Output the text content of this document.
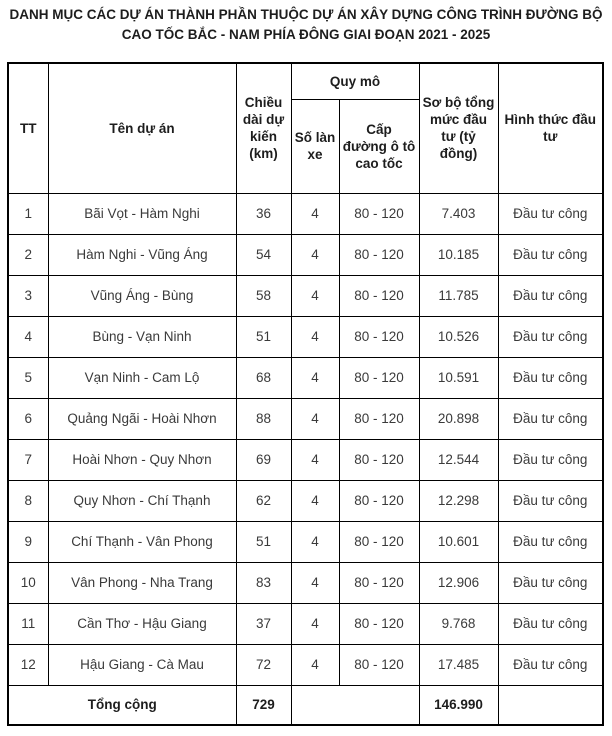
DANH MỤC CÁC DỰ ÁN THÀNH PHẦN THUỘC DỰ ÁN XÂY DỰNG CÔNG TRÌNH ĐƯỜNG BỘ
CAO TỐC BẮC - NAM PHÍA ĐÔNG GIAI ĐOẠN 2021 - 2025
TT	Tên dự án	Chiều dài dự kiến (km)	Quy mô		Sơ bộ tổng mức đầu tư (tỷ đồng)	Hình thức đầu tư
			Số làn xe	Cấp đường ô tô cao tốc		
1	Bãi Vọt - Hàm Nghi	36	4	80 - 120	7.403	Đầu tư công
2	Hàm Nghi - Vũng Áng	54	4	80 - 120	10.185	Đầu tư công
3	Vũng Áng - Bùng	58	4	80 - 120	11.785	Đầu tư công
4	Bùng - Vạn Ninh	51	4	80 - 120	10.526	Đầu tư công
5	Vạn Ninh - Cam Lộ	68	4	80 - 120	10.591	Đầu tư công
6	Quảng Ngãi - Hoài Nhơn	88	4	80 - 120	20.898	Đầu tư công
7	Hoài Nhơn - Quy Nhơn	69	4	80 - 120	12.544	Đầu tư công
8	Quy Nhơn - Chí Thạnh	62	4	80 - 120	12.298	Đầu tư công
9	Chí Thạnh - Vân Phong	51	4	80 - 120	10.601	Đầu tư công
10	Vân Phong - Nha Trang	83	4	80 - 120	12.906	Đầu tư công
11	Cần Thơ - Hậu Giang	37	4	80 - 120	9.768	Đầu tư công
12	Hậu Giang - Cà Mau	72	4	80 - 120	17.485	Đầu tư công
Tổng cộng		729			146.990	
